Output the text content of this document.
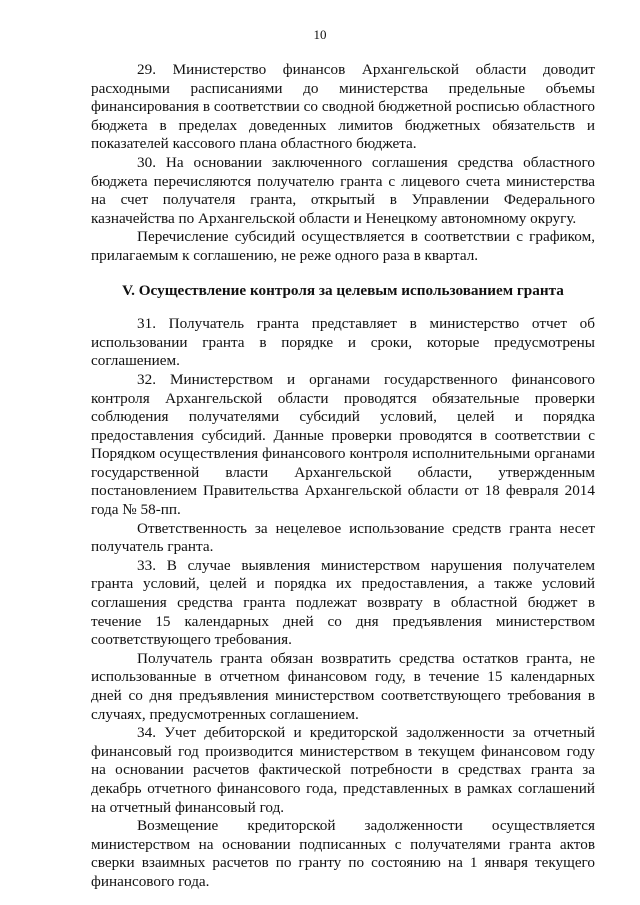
10

29. Министерство финансов Архангельской области доводит расходными расписаниями до министерства предельные объемы финансирования в соответствии со сводной бюджетной росписью областного бюджета в пределах доведенных лимитов бюджетных обязательств и показателей кассового плана областного бюджета.

30. На основании заключенного соглашения средства областного бюджета перечисляются получателю гранта с лицевого счета министерства на счет получателя гранта, открытый в Управлении Федерального казначейства по Архангельской области и Ненецкому автономному округу.

Перечисление субсидий осуществляется в соответствии с графиком, прилагаемым к соглашению, не реже одного раза в квартал.

V. Осуществление контроля за целевым использованием гранта

31. Получатель гранта представляет в министерство отчет об использовании гранта в порядке и сроки, которые предусмотрены соглашением.

32. Министерством и органами государственного финансового контроля Архангельской области проводятся обязательные проверки соблюдения получателями субсидий условий, целей и порядка предоставления субсидий. Данные проверки проводятся в соответствии с Порядком осуществления финансового контроля исполнительными органами государственной власти Архангельской области, утвержденным постановлением Правительства Архангельской области от 18 февраля 2014 года № 58-пп.

Ответственность за нецелевое использование средств гранта несет получатель гранта.

33. В случае выявления министерством нарушения получателем гранта условий, целей и порядка их предоставления, а также условий соглашения средства гранта подлежат возврату в областной бюджет в течение 15 календарных дней со дня предъявления министерством соответствующего требования.

Получатель гранта обязан возвратить средства остатков гранта, не использованные в отчетном финансовом году, в течение 15 календарных дней со дня предъявления министерством соответствующего требования в случаях, предусмотренных соглашением.

34. Учет дебиторской и кредиторской задолженности за отчетный финансовый год производится министерством в текущем финансовом году на основании расчетов фактической потребности в средствах гранта за декабрь отчетного финансового года, представленных в рамках соглашений на отчетный финансовый год.

Возмещение кредиторской задолженности осуществляется министерством на основании подписанных с получателями гранта актов сверки взаимных расчетов по гранту по состоянию на 1 января текущего финансового года.
